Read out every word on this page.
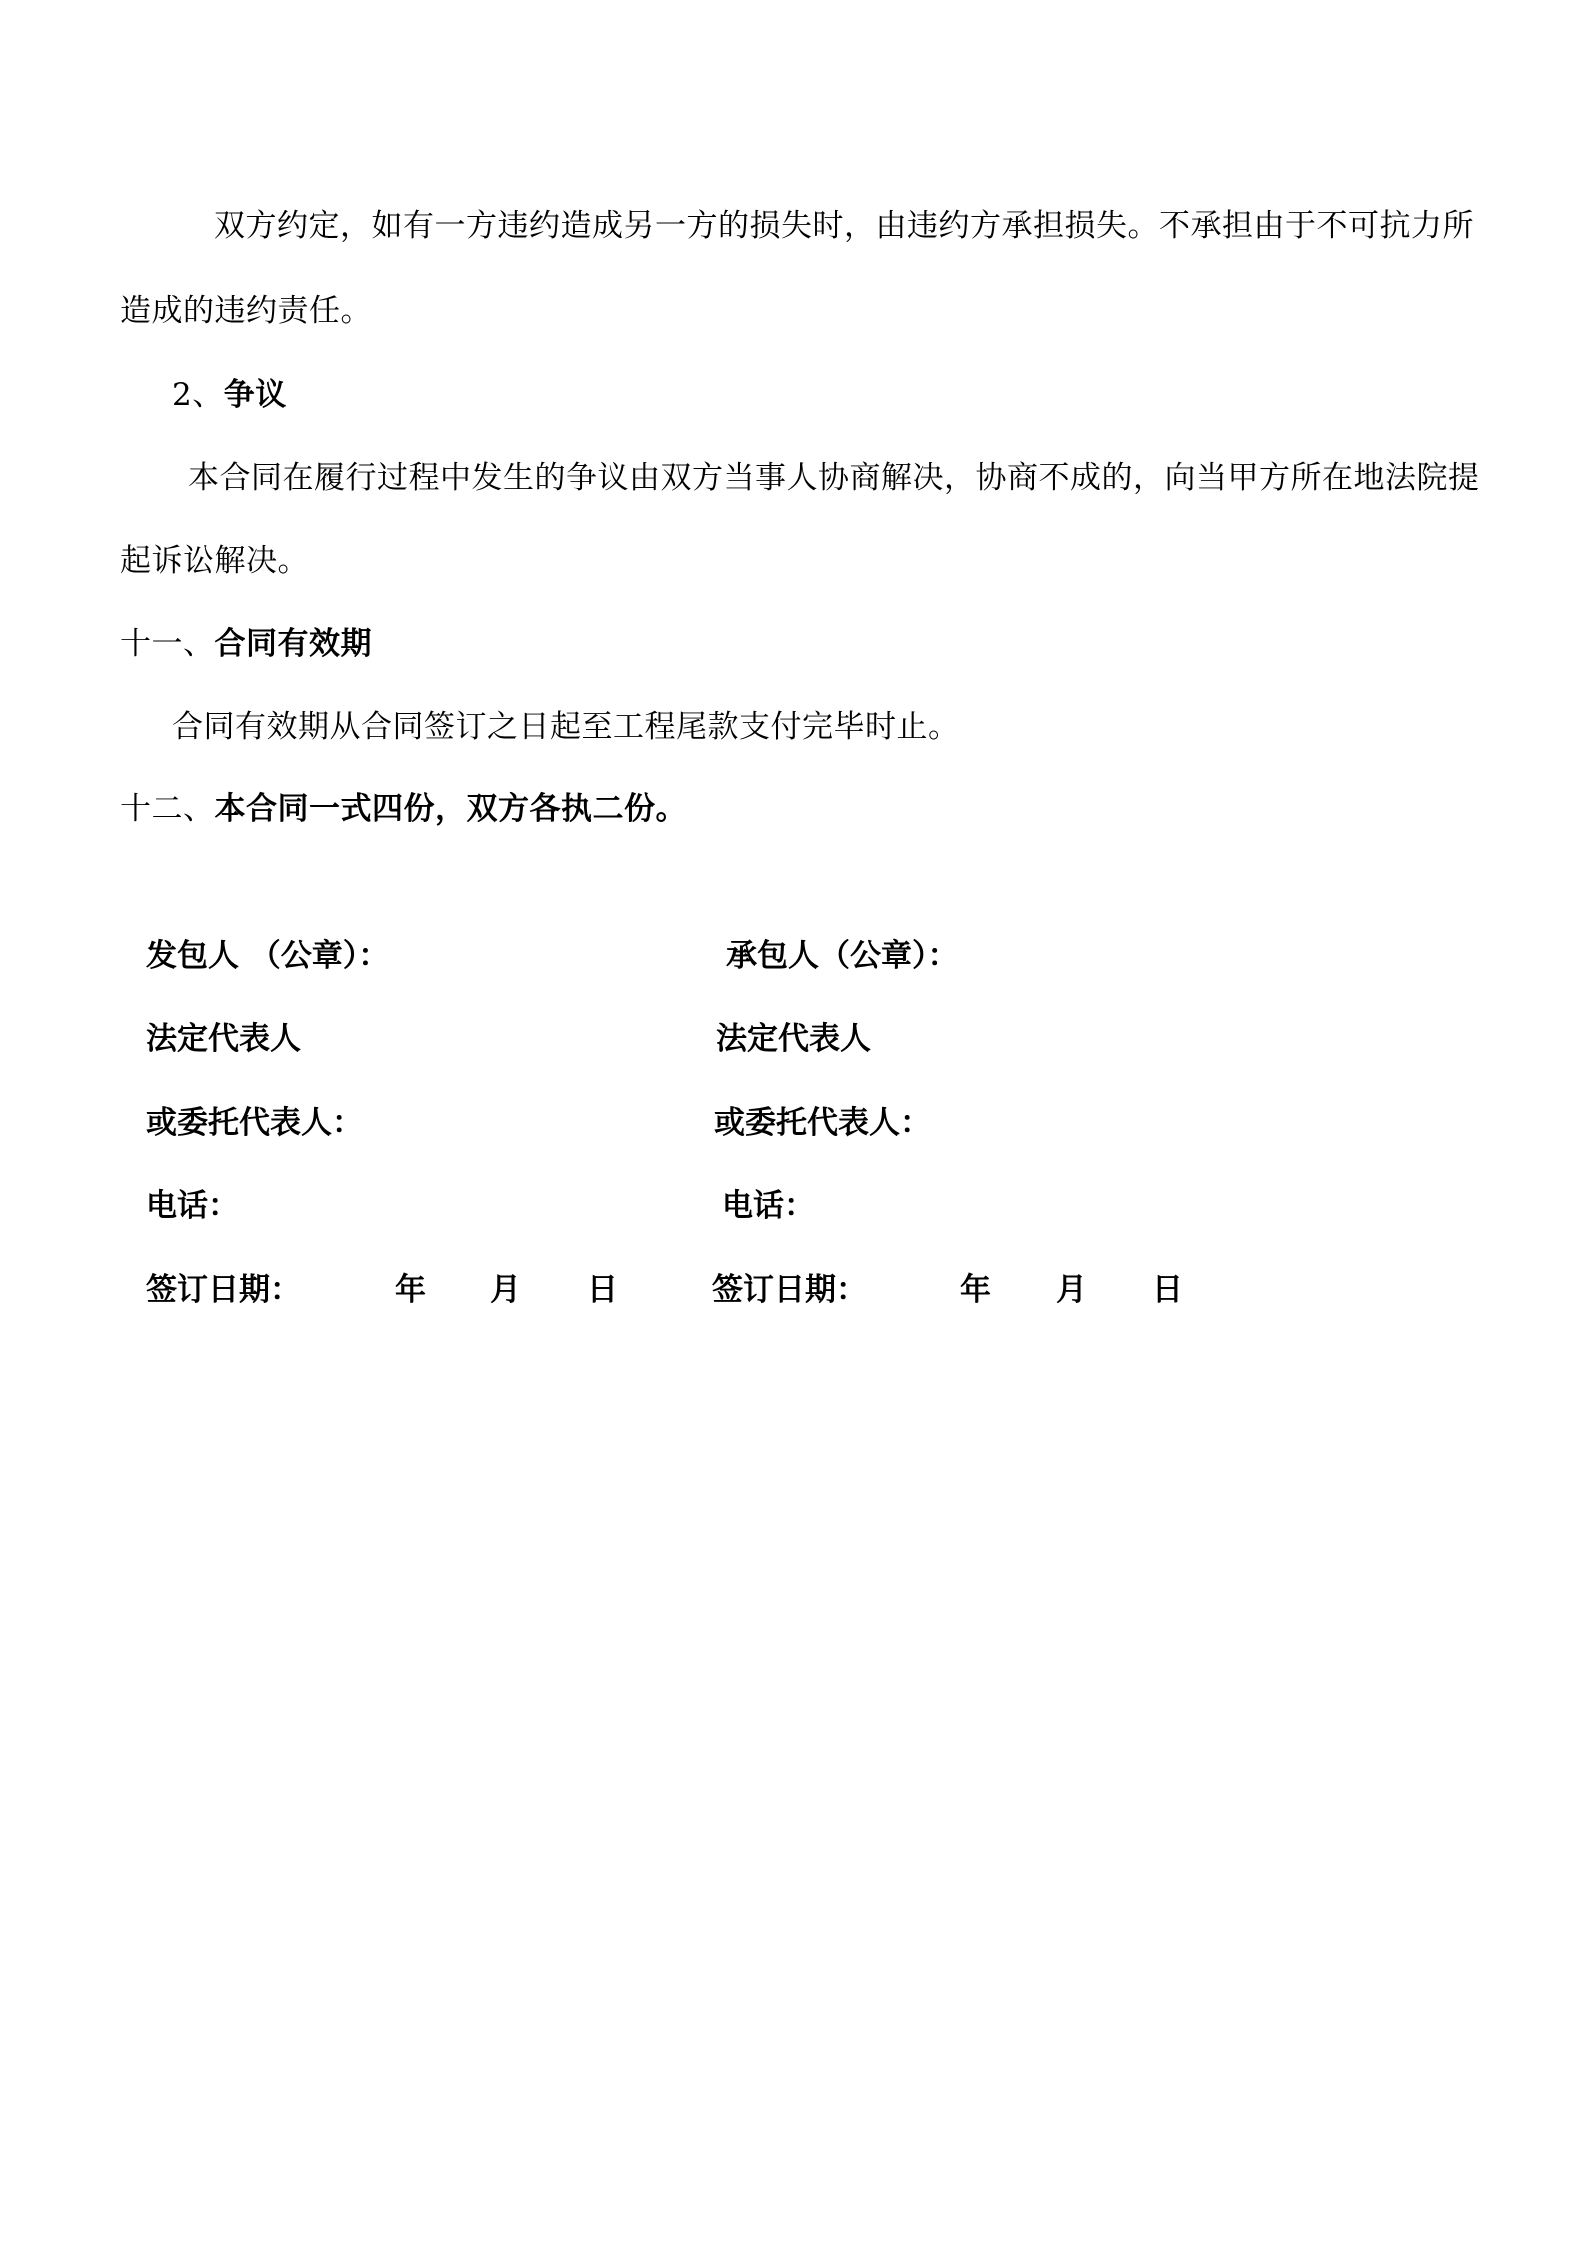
双方约定，如有一方违约造成另一方的损失时，由违约方承担损失。不承担由于不可抗力所
造成的违约责任。
2、争议
本合同在履行过程中发生的争议由双方当事人协商解决，协商不成的，向当甲方所在地法院提
起诉讼解决。
十一、合同有效期
合同有效期从合同签订之日起至工程尾款支付完毕时止。
十二、本合同一式四份，双方各执二份。
发包人 （公章）：
法定代表人
或委托代表人：
电话：
签订日期：	年 月 日
承包人（公章）：
法定代表人
或委托代表人：
电话：
签订日期：	年 月 日
